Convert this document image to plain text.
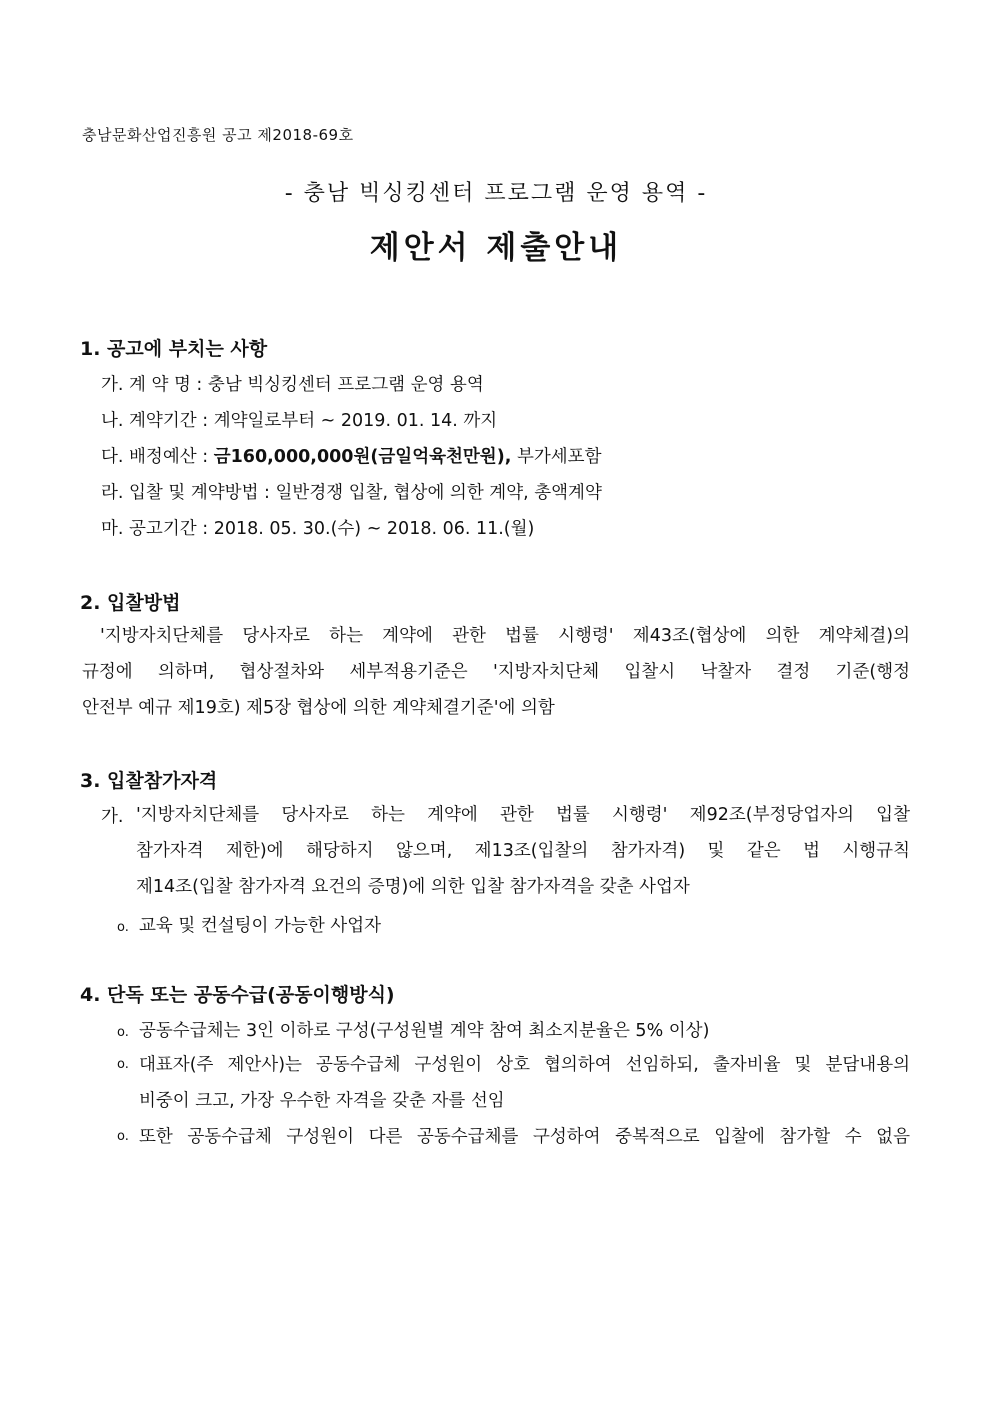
충남문화산업진흥원 공고 제2018-69호
- 충남 빅싱킹센터 프로그램 운영 용역 -
제안서 제출안내
1. 공고에 부치는 사항
가. 계 약 명 : 충남 빅싱킹센터 프로그램 운영 용역
나. 계약기간 : 계약일로부터 ~ 2019. 01. 14. 까지
다. 배정예산 : 금160,000,000원(금일억육천만원), 부가세포함
라. 입찰 및 계약방법 : 일반경쟁 입찰, 협상에 의한 계약, 총액계약
마. 공고기간 : 2018. 05. 30.(수) ~ 2018. 06. 11.(월)
2. 입찰방법
'지방자치단체를 당사자로 하는 계약에 관한 법률 시행령' 제43조(협상에 의한 계약체결)의
규정에 의하며, 협상절차와 세부적용기준은 '지방자치단체 입찰시 낙찰자 결정 기준(행정
안전부 예규 제19호) 제5장 협상에 의한 계약체결기준'에 의함
3. 입찰참가자격
가. '지방자치단체를 당사자로 하는 계약에 관한 법률 시행령' 제92조(부정당업자의 입찰
참가자격 제한)에 해당하지 않으며, 제13조(입찰의 참가자격) 및 같은 법 시행규칙
제14조(입찰 참가자격 요건의 증명)에 의한 입찰 참가자격을 갖춘 사업자
o. 교육 및 컨설팅이 가능한 사업자
4. 단독 또는 공동수급(공동이행방식)
o. 공동수급체는 3인 이하로 구성(구성원별 계약 참여 최소지분율은 5% 이상)
o. 대표자(주 제안사)는 공동수급체 구성원이 상호 협의하여 선임하되, 출자비율 및 분담내용의
비중이 크고, 가장 우수한 자격을 갖춘 자를 선임
o. 또한 공동수급체 구성원이 다른 공동수급체를 구성하여 중복적으로 입찰에 참가할 수 없음
